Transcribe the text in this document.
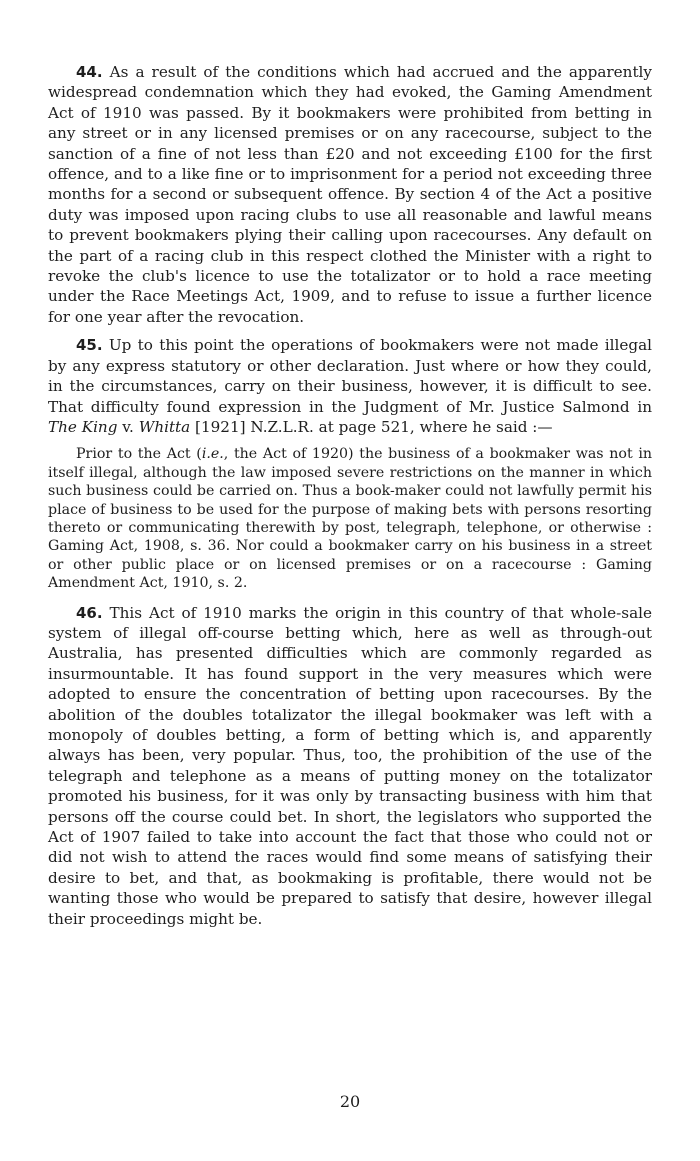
44. As a result of the conditions which had accrued and the apparently widespread condemnation which they had evoked, the Gaming Amendment Act of 1910 was passed. By it bookmakers were prohibited from betting in any street or in any licensed premises or on any racecourse, subject to the sanction of a fine of not less than £20 and not exceeding £100 for the first offence, and to a like fine or to imprisonment for a period not exceeding three months for a second or subsequent offence. By section 4 of the Act a positive duty was imposed upon racing clubs to use all reasonable and lawful means to prevent bookmakers plying their calling upon racecourses. Any default on the part of a racing club in this respect clothed the Minister with a right to revoke the club's licence to use the totalizator or to hold a race meeting under the Race Meetings Act, 1909, and to refuse to issue a further licence for one year after the revocation.

45. Up to this point the operations of bookmakers were not made illegal by any express statutory or other declaration. Just where or how they could, in the circumstances, carry on their business, however, it is difficult to see. That difficulty found expression in the Judgment of Mr. Justice Salmond in The King v. Whitta [1921] N.Z.L.R. at page 521, where he said :—

Prior to the Act (i.e., the Act of 1920) the business of a bookmaker was not in itself illegal, although the law imposed severe restrictions on the manner in which such business could be carried on. Thus a book-maker could not lawfully permit his place of business to be used for the purpose of making bets with persons resorting thereto or communicating therewith by post, telegraph, telephone, or otherwise : Gaming Act, 1908, s. 36. Nor could a bookmaker carry on his business in a street or other public place or on licensed premises or on a racecourse : Gaming Amendment Act, 1910, s. 2.

46. This Act of 1910 marks the origin in this country of that whole-sale system of illegal off-course betting which, here as well as through-out Australia, has presented difficulties which are commonly regarded as insurmountable. It has found support in the very measures which were adopted to ensure the concentration of betting upon racecourses. By the abolition of the doubles totalizator the illegal bookmaker was left with a monopoly of doubles betting, a form of betting which is, and apparently always has been, very popular. Thus, too, the prohibition of the use of the telegraph and telephone as a means of putting money on the totalizator promoted his business, for it was only by transacting business with him that persons off the course could bet. In short, the legislators who supported the Act of 1907 failed to take into account the fact that those who could not or did not wish to attend the races would find some means of satisfying their desire to bet, and that, as bookmaking is profitable, there would not be wanting those who would be prepared to satisfy that desire, however illegal their proceedings might be.

20
